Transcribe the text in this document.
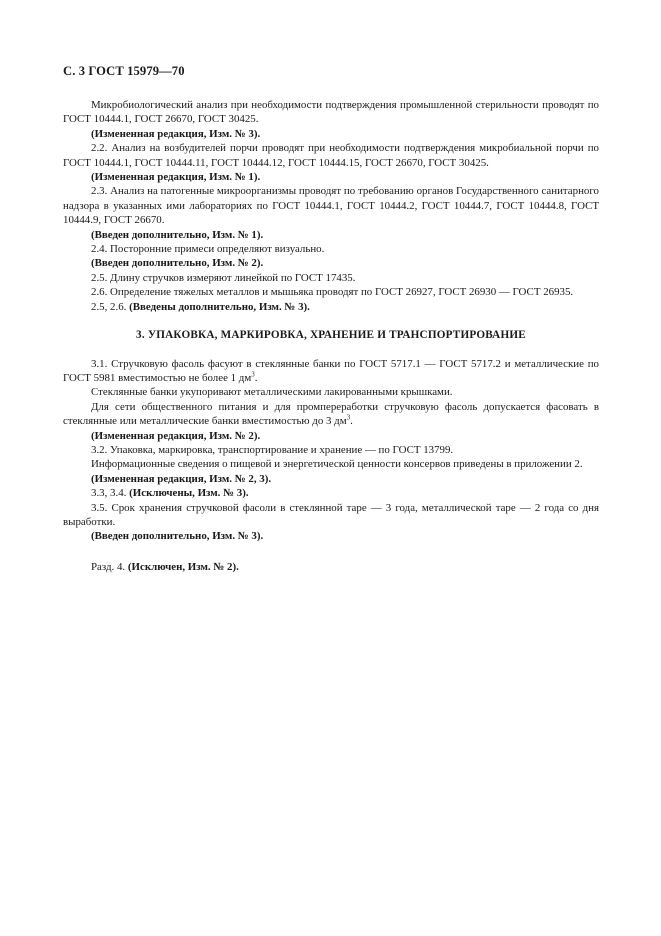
С. 3 ГОСТ 15979—70

Микробиологический анализ при необходимости подтверждения промышленной стерильности проводят по ГОСТ 10444.1, ГОСТ 26670, ГОСТ 30425.

(Измененная редакция, Изм. № 3).

2.2. Анализ на возбудителей порчи проводят при необходимости подтверждения микробиальной порчи по ГОСТ 10444.1, ГОСТ 10444.11, ГОСТ 10444.12, ГОСТ 10444.15, ГОСТ 26670, ГОСТ 30425.

(Измененная редакция, Изм. № 1).

2.3. Анализ на патогенные микроорганизмы проводят по требованию органов Государственного санитарного надзора в указанных ими лабораториях по ГОСТ 10444.1, ГОСТ 10444.2, ГОСТ 10444.7, ГОСТ 10444.8, ГОСТ 10444.9, ГОСТ 26670.

(Введен дополнительно, Изм. № 1).

2.4. Посторонние примеси определяют визуально.

(Введен дополнительно, Изм. № 2).

2.5. Длину стручков измеряют линейкой по ГОСТ 17435.

2.6. Определение тяжелых металлов и мышьяка проводят по ГОСТ 26927, ГОСТ 26930 — ГОСТ 26935.

2.5, 2.6. (Введены дополнительно, Изм. № 3).

3. УПАКОВКА, МАРКИРОВКА, ХРАНЕНИЕ И ТРАНСПОРТИРОВАНИЕ

3.1. Стручковую фасоль фасуют в стеклянные банки по ГОСТ 5717.1 — ГОСТ 5717.2 и металлические по ГОСТ 5981 вместимостью не более 1 $дм^3$.

Стеклянные банки укупоривают металлическими лакированными крышками.

Для сети общественного питания и для промпереработки стручковую фасоль допускается фасовать в стеклянные или металлические банки вместимостью до 3 $дм^3$.

(Измененная редакция, Изм. № 2).

3.2. Упаковка, маркировка, транспортирование и хранение — по ГОСТ 13799.

Информационные сведения о пищевой и энергетической ценности консервов приведены в приложении 2.

(Измененная редакция, Изм. № 2, 3).

3.3, 3.4. (Исключены, Изм. № 3).

3.5. Срок хранения стручковой фасоли в стеклянной таре — 3 года, металлической таре — 2 года со дня выработки.

(Введен дополнительно, Изм. № 3).

Разд. 4. (Исключен, Изм. № 2).
